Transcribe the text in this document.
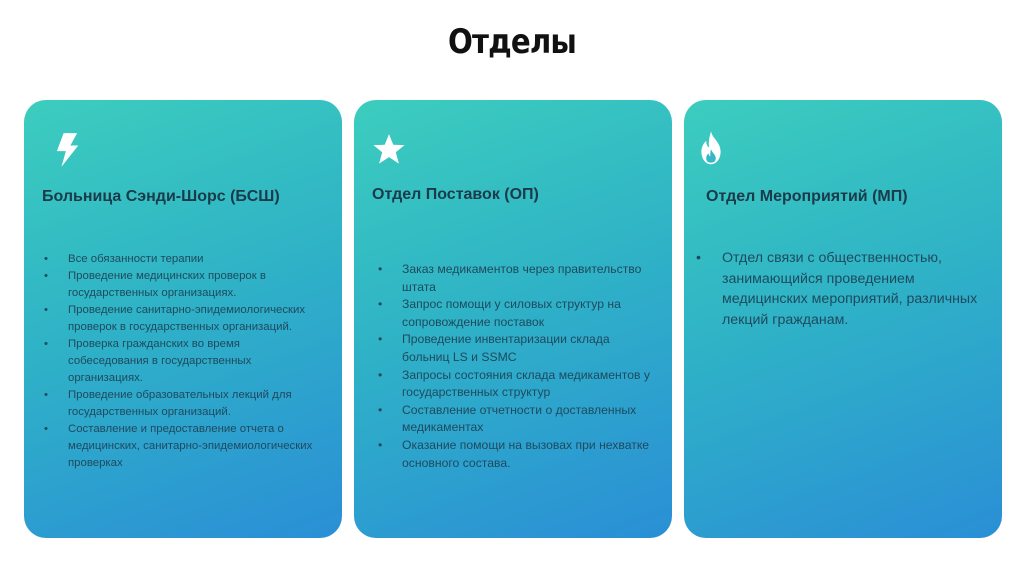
Отделы
Больница Сэнди-Шорс (БСШ)
• Все обязанности терапии
• Проведение медицинских проверок в государственных организациях.
• Проведение санитарно-эпидемиологических проверок в государственных организаций.
• Проверка гражданских во время собеседования в государственных организациях.
• Проведение образовательных лекций для государственных организаций.
• Составление и предоставление отчета о медицинских, санитарно-эпидемиологических проверках
Отдел Поставок (ОП)
• Заказ медикаментов через правительство штата
• Запрос помощи у силовых структур на сопровождение поставок
• Проведение инвентаризации склада больниц LS и SSMC
• Запросы состояния склада медикаментов у государственных структур
• Составление отчетности о доставленных медикаментах
• Оказание помощи на вызовах при нехватке основного состава.
Отдел Мероприятий (МП)
• Отдел связи с общественностью, занимающийся проведением медицинских мероприятий, различных лекций гражданам.
